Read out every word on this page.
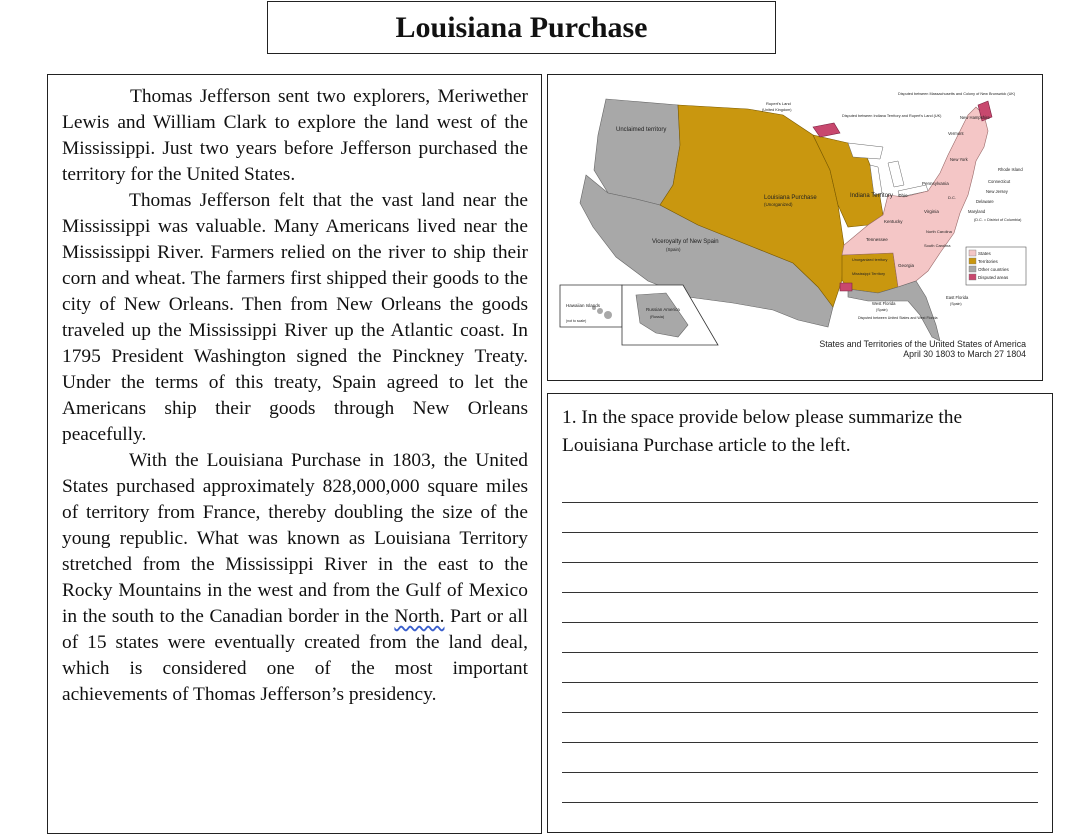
Louisiana Purchase

Thomas Jefferson sent two explorers, Meriwether Lewis and William Clark to explore the land west of the Mississippi. Just two years before Jefferson purchased the territory for the United States.

Thomas Jefferson felt that the vast land near the Mississippi was valuable. Many Americans lived near the Mississippi River. Farmers relied on the river to ship their corn and wheat. The farmers first shipped their goods to the city of New Orleans. Then from New Orleans the goods traveled up the Mississippi River up the Atlantic coast. In 1795 President Washington signed the Pinckney Treaty. Under the terms of this treaty, Spain agreed to let the Americans ship their goods through New Orleans peacefully.

With the Louisiana Purchase in 1803, the United States purchased approximately 828,000,000 square miles of territory from France, thereby doubling the size of the young republic. What was known as Louisiana Territory stretched from the Mississippi River in the east to the Rocky Mountains in the west and from the Gulf of Mexico in the south to the Canadian border in the North. Part or all of 15 states were eventually created from the land deal, which is considered one of the most important achievements of Thomas Jefferson’s presidency.

States
Territories
Other countries
Disputed areas
Unclaimed territory
Louisiana Purchase
(Unorganized)
Viceroyalty of New Spain
(Spain)
Indiana Territory
Rupert's Land
(United Kingdom)
Disputed between Indiana Territory and Rupert's Land (UK)
Disputed between Massachusetts and Colony of New Brunswick (UK)
Unorganized territory
Mississippi Territory
Hawaiian Islands
(not to scale)
Russian America
(Russia)
West Florida
(Spain)
East Florida
(Spain)
Disputed between United States and West Florida
Ohio
Kentucky
Tennessee
Georgia
South Carolina
North Carolina
Virginia
Pennsylvania
New York
Vermont
New Hampshire
Connecticut
Rhode Island
New Jersey
Delaware
Maryland
(D.C. = District of Columbia)
D.C.
States and Territories of the United States of America
April 30 1803 to March 27 1804

1. In the space provide below please summarize the Louisiana Purchase article to the left.
